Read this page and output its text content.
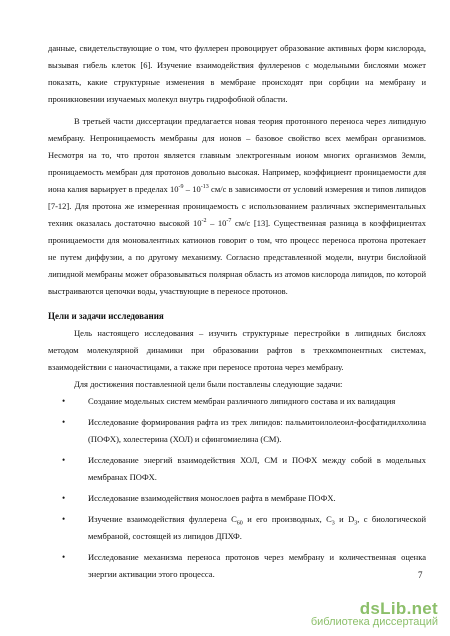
данные, свидетельствующие о том, что фуллерен провоцирует образование активных форм кислорода, вызывая гибель клеток [6]. Изучение взаимодействия фуллеренов с модельными бислоями может показать, какие структурные изменения в мембране происходят при сорбции на мембрану и проникновении изучаемых молекул внутрь гидрофобной области.

В третьей части диссертации предлагается новая теория протонного переноса через липидную мембрану. Непроницаемость мембраны для ионов – базовое свойство всех мембран организмов. Несмотря на то, что протон является главным электрогенным ионом многих организмов Земли, проницаемость мембран для протонов довольно высокая. Например, коэффициент проницаемости для иона калия варьирует в пределах $10^{-9} - 10^{-13}$ см/с в зависимости от условий измерения и типов липидов [7-12]. Для протона же измеренная проницаемость с использованием различных экспериментальных техник оказалась достаточно высокой $10^{-2} - 10^{-7}$ см/с [13]. Существенная разница в коэффициентах проницаемости для моновалентных катионов говорит о том, что процесс переноса протона протекает не путем диффузии, а по другому механизму. Согласно представленной модели, внутри бислойной липидной мембраны может образовываться полярная область из атомов кислорода липидов, по которой выстраиваются цепочки воды, участвующие в переносе протонов.

Цели и задачи исследования

Цель настоящего исследования – изучить структурные перестройки в липидных бислоях методом молекулярной динамики при образовании рафтов в трехкомпонентных системах, взаимодействии с наночастицами, а также при переносе протона через мембрану.

Для достижения поставленной цели были поставлены следующие задачи:

•	Создание модельных систем мембран различного липидного состава и их валидация
•	Исследование формирования рафта из трех липидов: пальмитоилолеоил-фосфатидилхолина (ПОФХ), холестерина (ХОЛ) и сфингомиелина (СМ).
•	Исследование энергий взаимодействия ХОЛ, СМ и ПОФХ между собой в модельных мембранах ПОФХ.
•	Исследование взаимодействия монослоев рафта в мембране ПОФХ.
•	Изучение взаимодействия фуллерена $C_{60}$ и его производных, $C_3$ и $D_3$, с биологической мембраной, состоящей из липидов ДПХФ.
•	Исследование механизма переноса протонов через мембрану и количественная оценка энергии активации этого процесса.	7
dsLib.net
библиотека диссертаций
